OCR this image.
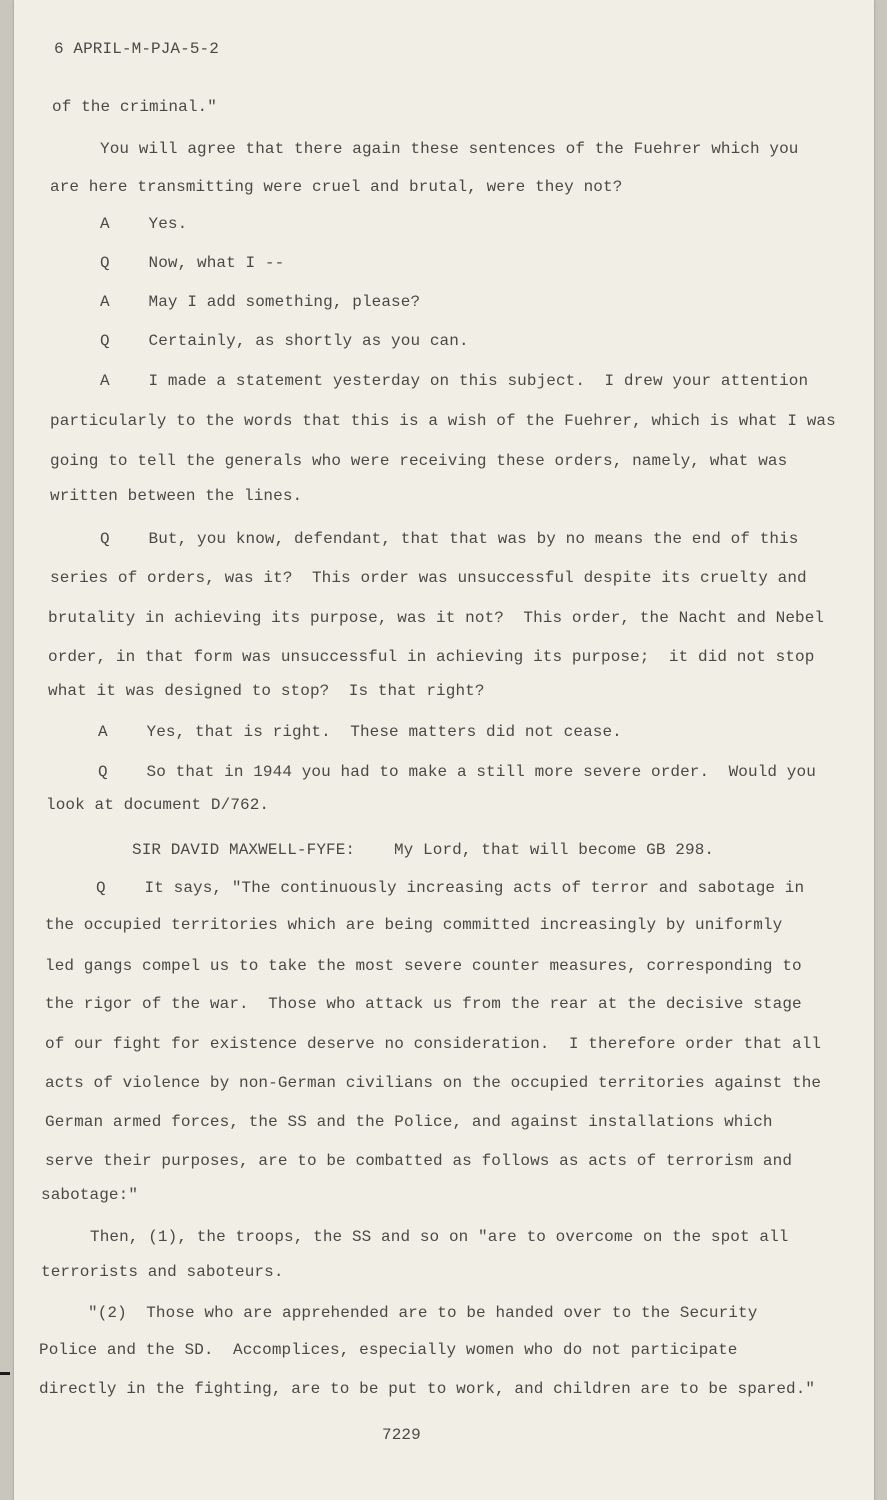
6 APRIL-M-PJA-5-2
of the criminal."
You will agree that there again these sentences of the Fuehrer which you
are here transmitting were cruel and brutal, were they not?
A    Yes.
Q    Now, what I --
A    May I add something, please?
Q    Certainly, as shortly as you can.
A    I made a statement yesterday on this subject.  I drew your attention
particularly to the words that this is a wish of the Fuehrer, which is what I was
going to tell the generals who were receiving these orders, namely, what was
written between the lines.
Q    But, you know, defendant, that that was by no means the end of this
series of orders, was it?  This order was unsuccessful despite its cruelty and
brutality in achieving its purpose, was it not?  This order, the Nacht and Nebel
order, in that form was unsuccessful in achieving its purpose;  it did not stop
what it was designed to stop?  Is that right?
A    Yes, that is right.  These matters did not cease.
Q    So that in 1944 you had to make a still more severe order.  Would you
look at document D/762.
SIR DAVID MAXWELL-FYFE:    My Lord, that will become GB 298.
Q    It says, "The continuously increasing acts of terror and sabotage in
the occupied territories which are being committed increasingly by uniformly
led gangs compel us to take the most severe counter measures, corresponding to
the rigor of the war.  Those who attack us from the rear at the decisive stage
of our fight for existence deserve no consideration.  I therefore order that all
acts of violence by non-German civilians on the occupied territories against the
German armed forces, the SS and the Police, and against installations which
serve their purposes, are to be combatted as follows as acts of terrorism and
sabotage:"
Then, (1), the troops, the SS and so on "are to overcome on the spot all
terrorists and saboteurs.
"(2)  Those who are apprehended are to be handed over to the Security
Police and the SD.  Accomplices, especially women who do not participate
directly in the fighting, are to be put to work, and children are to be spared."
7229
